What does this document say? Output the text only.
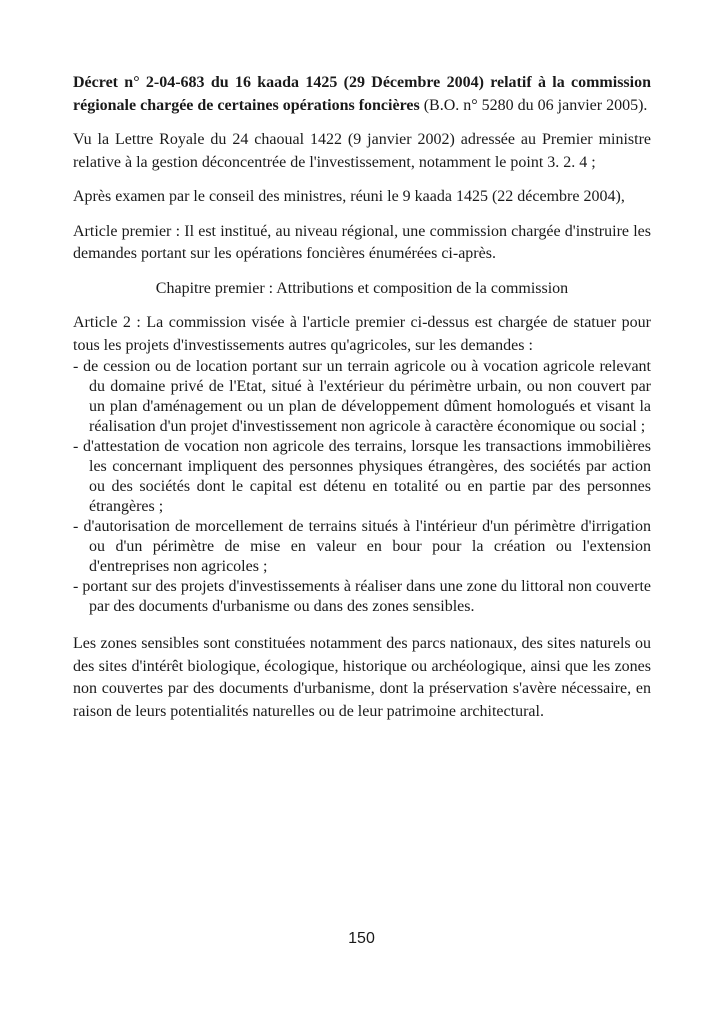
Décret n° 2-04-683 du 16 kaada 1425 (29 Décembre 2004) relatif à la commission régionale chargée de certaines opérations foncières (B.O. n° 5280 du 06 janvier 2005).

Vu la Lettre Royale du 24 chaoual 1422 (9 janvier 2002) adressée au Premier ministre relative à la gestion déconcentrée de l'investissement, notamment le point 3. 2. 4 ;

Après examen par le conseil des ministres, réuni le 9 kaada 1425 (22 décembre 2004),

Article premier : Il est institué, au niveau régional, une commission chargée d'instruire les demandes portant sur les opérations foncières énumérées ci-après.

Chapitre premier : Attributions et composition de la commission

Article 2 : La commission visée à l'article premier ci-dessus est chargée de statuer pour tous les projets d'investissements autres qu'agricoles, sur les demandes :

- de cession ou de location portant sur un terrain agricole ou à vocation agricole relevant du domaine privé de l'Etat, situé à l'extérieur du périmètre urbain, ou non couvert par un plan d'aménagement ou un plan de développement dûment homologués et visant la réalisation d'un projet d'investissement non agricole à caractère économique ou social ;
- d'attestation de vocation non agricole des terrains, lorsque les transactions immobilières les concernant impliquent des personnes physiques étrangères, des sociétés par action ou des sociétés dont le capital est détenu en totalité ou en partie par des personnes étrangères ;
- d'autorisation de morcellement de terrains situés à l'intérieur d'un périmètre d'irrigation ou d'un périmètre de mise en valeur en bour pour la création ou l'extension d'entreprises non agricoles ;
- portant sur des projets d'investissements à réaliser dans une zone du littoral non couverte par des documents d'urbanisme ou dans des zones sensibles.

Les zones sensibles sont constituées notamment des parcs nationaux, des sites naturels ou des sites d'intérêt biologique, écologique, historique ou archéologique, ainsi que les zones non couvertes par des documents d'urbanisme, dont la préservation s'avère nécessaire, en raison de leurs potentialités naturelles ou de leur patrimoine architectural.

150
